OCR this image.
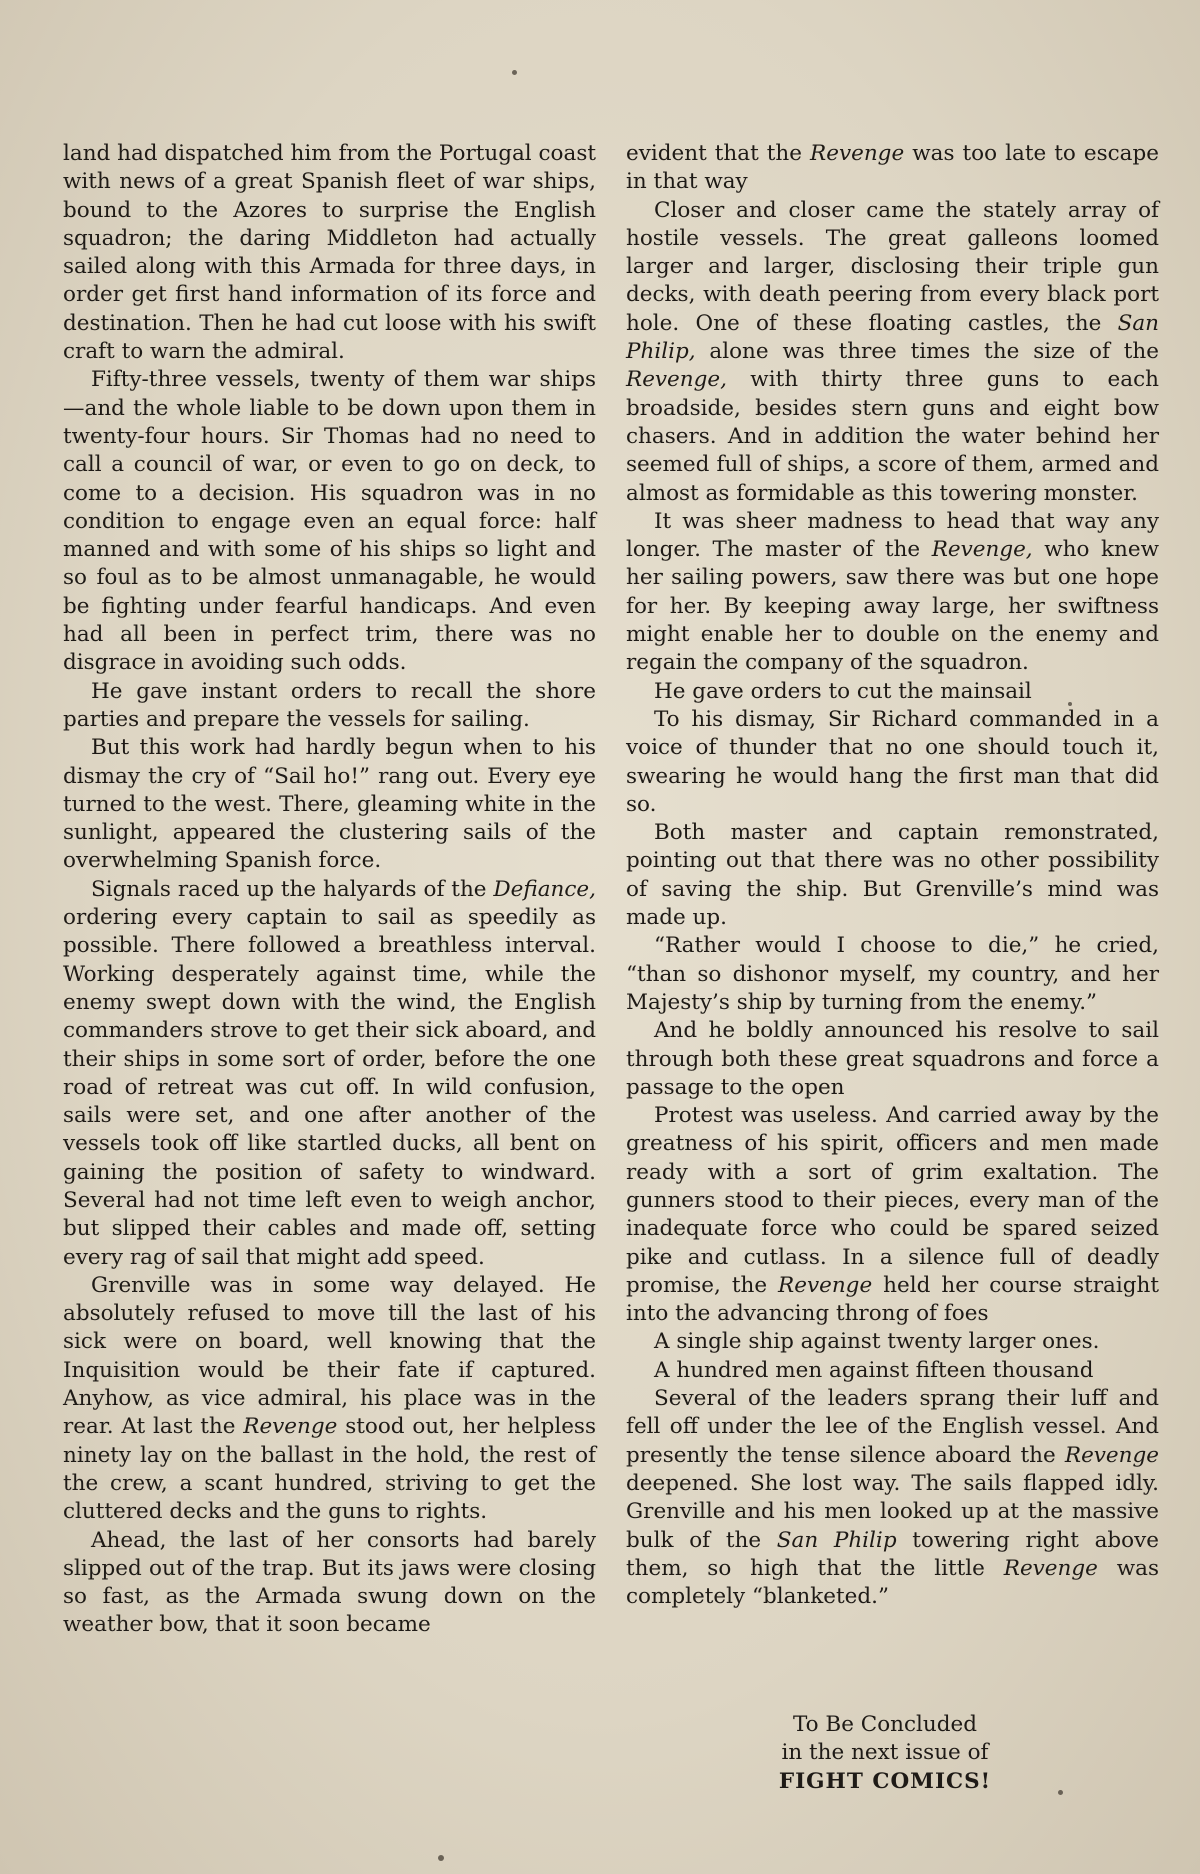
land had dispatched him from the Portugal coast with news of a great Spanish fleet of war ships, bound to the Azores to surprise the English squadron; the daring Middleton had actually sailed along with this Armada for three days, in order get first hand information of its force and destination. Then he had cut loose with his swift craft to warn the admiral.

Fifty-three vessels, twenty of them war ships—and the whole liable to be down upon them in twenty-four hours. Sir Thomas had no need to call a council of war, or even to go on deck, to come to a decision. His squadron was in no condition to engage even an equal force: half manned and with some of his ships so light and so foul as to be almost unmanagable, he would be fighting under fearful handicaps. And even had all been in perfect trim, there was no disgrace in avoiding such odds.

He gave instant orders to recall the shore parties and prepare the vessels for sailing.

But this work had hardly begun when to his dismay the cry of “Sail ho!” rang out. Every eye turned to the west. There, gleaming white in the sunlight, appeared the clustering sails of the overwhelming Spanish force.

Signals raced up the halyards of the Defiance, ordering every captain to sail as speedily as possible. There followed a breathless interval. Working desperately against time, while the enemy swept down with the wind, the English commanders strove to get their sick aboard, and their ships in some sort of order, before the one road of retreat was cut off. In wild confusion, sails were set, and one after another of the vessels took off like startled ducks, all bent on gaining the position of safety to windward. Several had not time left even to weigh anchor, but slipped their cables and made off, setting every rag of sail that might add speed.

Grenville was in some way delayed. He absolutely refused to move till the last of his sick were on board, well knowing that the Inquisition would be their fate if captured. Anyhow, as vice admiral, his place was in the rear. At last the Revenge stood out, her helpless ninety lay on the ballast in the hold, the rest of the crew, a scant hundred, striving to get the cluttered decks and the guns to rights.

Ahead, the last of her consorts had barely slipped out of the trap. But its jaws were closing so fast, as the Armada swung down on the weather bow, that it soon became

evident that the Revenge was too late to escape in that way

Closer and closer came the stately array of hostile vessels. The great galleons loomed larger and larger, disclosing their triple gun decks, with death peering from every black port hole. One of these floating castles, the San Philip, alone was three times the size of the Revenge, with thirty three guns to each broadside, besides stern guns and eight bow chasers. And in addition the water behind her seemed full of ships, a score of them, armed and almost as formidable as this towering monster.

It was sheer madness to head that way any longer. The master of the Revenge, who knew her sailing powers, saw there was but one hope for her. By keeping away large, her swiftness might enable her to double on the enemy and regain the company of the squadron.

He gave orders to cut the mainsail

To his dismay, Sir Richard commanded in a voice of thunder that no one should touch it, swearing he would hang the first man that did so.

Both master and captain remonstrated, pointing out that there was no other possibility of saving the ship. But Grenville’s mind was made up.

“Rather would I choose to die,” he cried, “than so dishonor myself, my country, and her Majesty’s ship by turning from the enemy.”

And he boldly announced his resolve to sail through both these great squadrons and force a passage to the open

Protest was useless. And carried away by the greatness of his spirit, officers and men made ready with a sort of grim exaltation. The gunners stood to their pieces, every man of the inadequate force who could be spared seized pike and cutlass. In a silence full of deadly promise, the Revenge held her course straight into the advancing throng of foes

A single ship against twenty larger ones.

A hundred men against fifteen thousand

Several of the leaders sprang their luff and fell off under the lee of the English vessel. And presently the tense silence aboard the Revenge deepened. She lost way. The sails flapped idly. Grenville and his men looked up at the massive bulk of the San Philip towering right above them, so high that the little Revenge was completely “blanketed.”

To Be Concluded
in the next issue of
FIGHT COMICS!
